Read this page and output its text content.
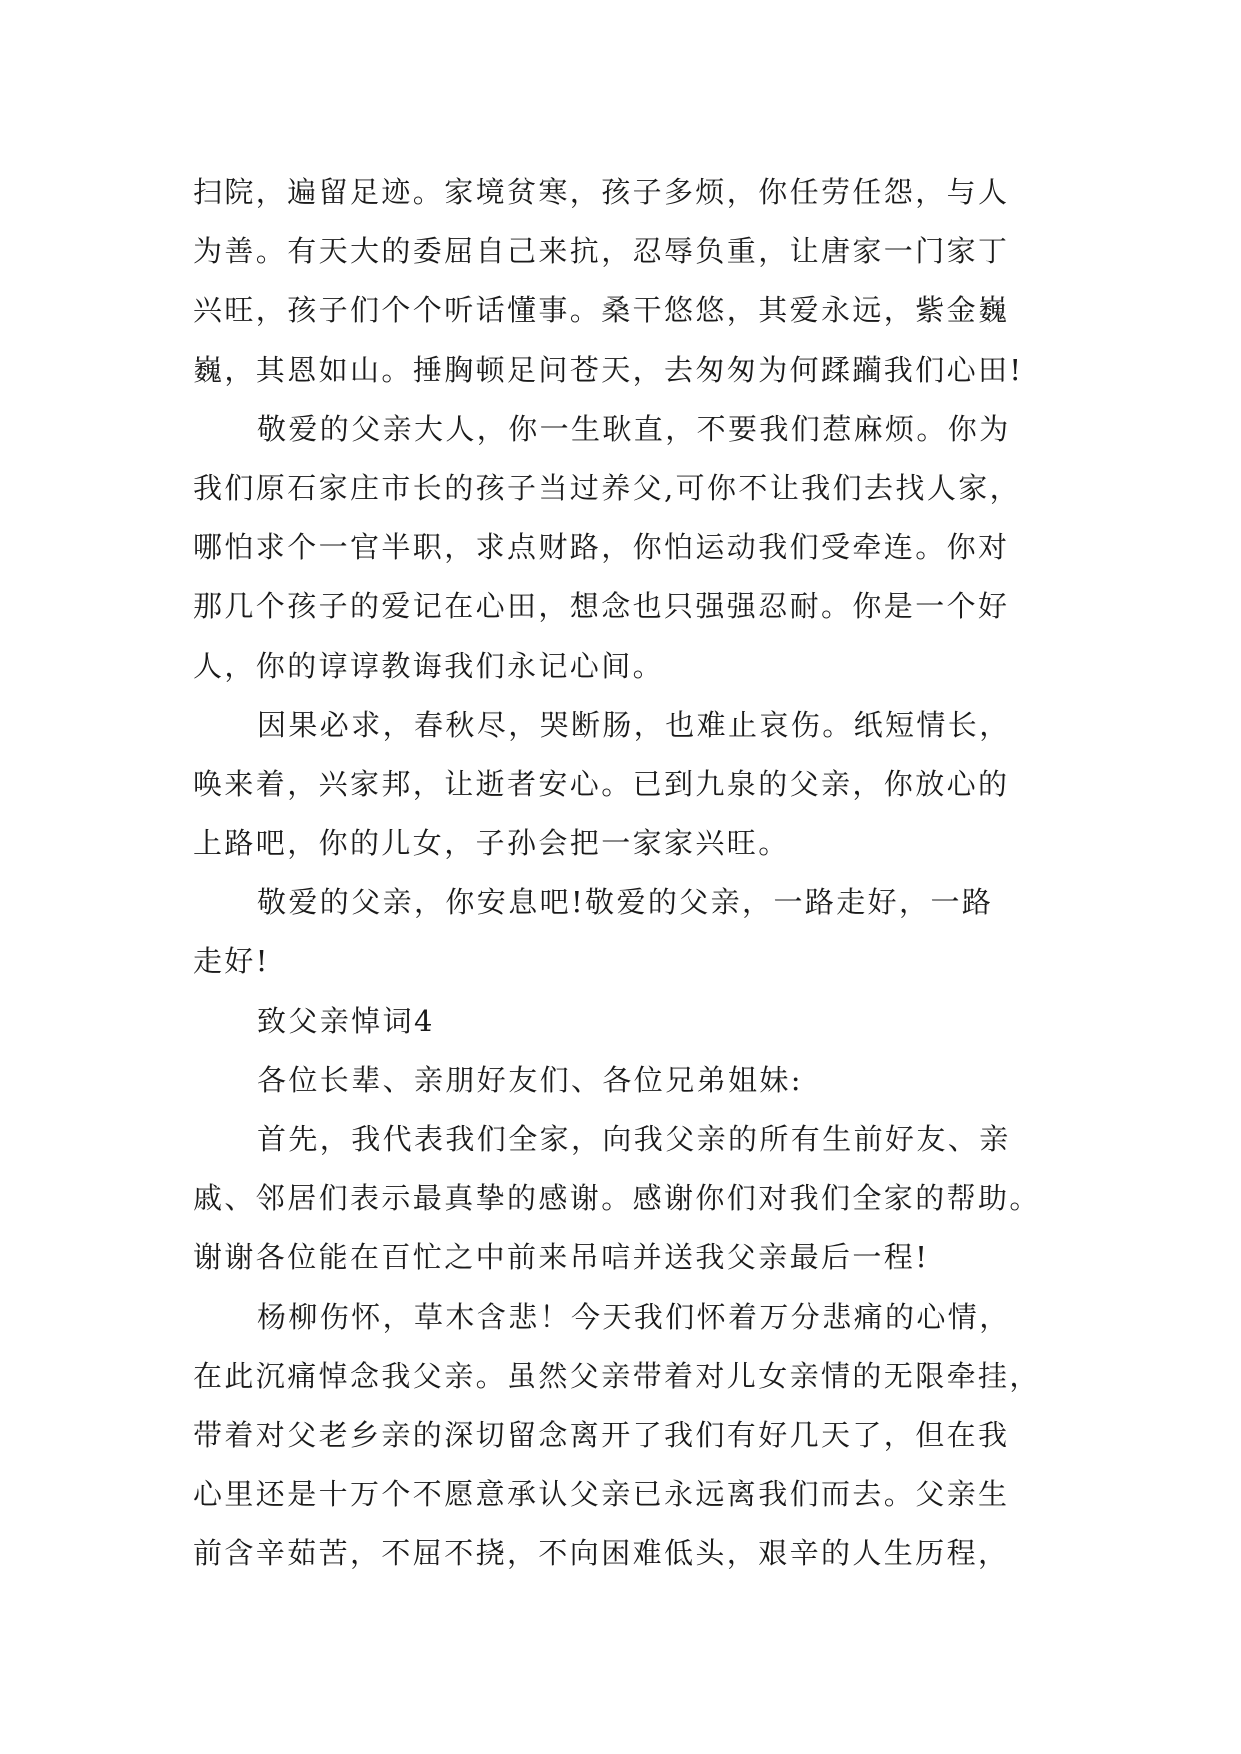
扫院，遍留足迹。家境贫寒，孩子多烦，你任劳任怨，与人
为善。有天大的委屈自己来抗，忍辱负重，让唐家一门家丁
兴旺，孩子们个个听话懂事。桑干悠悠，其爱永远，紫金巍
巍，其恩如山。捶胸顿足问苍天，去匆匆为何蹂躏我们心田!
敬爱的父亲大人，你一生耿直，不要我们惹麻烦。你为
我们原石家庄市长的孩子当过养父,可你不让我们去找人家，
哪怕求个一官半职，求点财路，你怕运动我们受牵连。你对
那几个孩子的爱记在心田，想念也只强强忍耐。你是一个好
人，你的谆谆教诲我们永记心间。
因果必求，春秋尽，哭断肠，也难止哀伤。纸短情长，
唤来着，兴家邦，让逝者安心。已到九泉的父亲，你放心的
上路吧，你的儿女，子孙会把一家家兴旺。
敬爱的父亲，你安息吧!敬爱的父亲，一路走好，一路
走好!
致父亲悼词4
各位长辈、亲朋好友们、各位兄弟姐妹:
首先，我代表我们全家，向我父亲的所有生前好友、亲
戚、邻居们表示最真挚的感谢。感谢你们对我们全家的帮助。
谢谢各位能在百忙之中前来吊唁并送我父亲最后一程!
杨柳伤怀，草木含悲！今天我们怀着万分悲痛的心情，
在此沉痛悼念我父亲。虽然父亲带着对儿女亲情的无限牵挂，
带着对父老乡亲的深切留念离开了我们有好几天了，但在我
心里还是十万个不愿意承认父亲已永远离我们而去。父亲生
前含辛茹苦，不屈不挠，不向困难低头，艰辛的人生历程，
